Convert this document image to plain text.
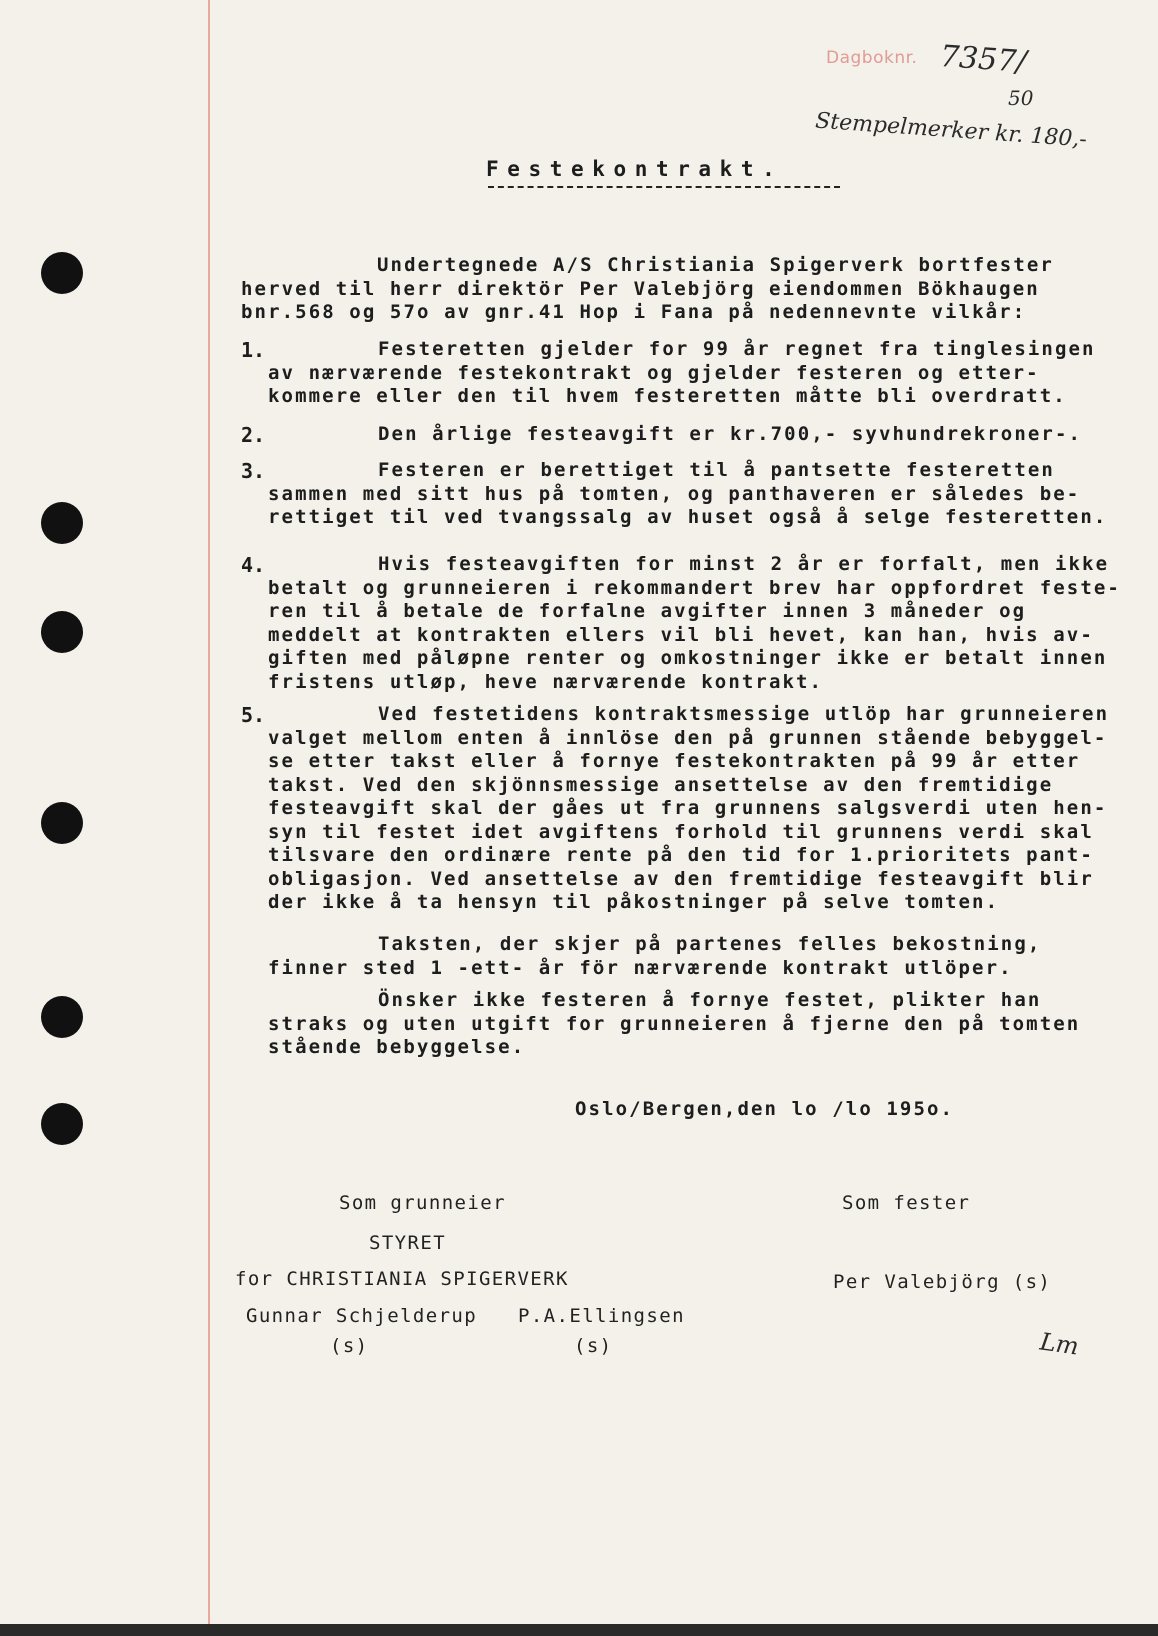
Dagboknr. 7357/
50
Stempelmerker kr. 180,-
Festekontrakt.
Undertegnede A/S Christiania Spigerverk bortfester
herved til herr direktör Per Valebjörg eiendommen Bökhaugen
bnr.568 og 57o av gnr.41 Hop i Fana på nedennevnte vilkår:
1.	Festeretten gjelder for 99 år regnet fra tinglesingen
av nærværende festekontrakt og gjelder festeren og etter-
kommere eller den til hvem festeretten måtte bli overdratt.
2.	Den årlige festeavgift er kr.700,- syvhundrekroner-.
3.	Festeren er berettiget til å pantsette festeretten
sammen med sitt hus på tomten, og panthaveren er således be-
rettiget til ved tvangssalg av huset også å selge festeretten.
4.	Hvis festeavgiften for minst 2 år er forfalt, men ikke
betalt og grunneieren i rekommandert brev har oppfordret feste-
ren til å betale de forfalne avgifter innen 3 måneder og
meddelt at kontrakten ellers vil bli hevet, kan han, hvis av-
giften med påløpne renter og omkostninger ikke er betalt innen
fristens utløp, heve nærværende kontrakt.
5.	Ved festetidens kontraktsmessige utlöp har grunneieren
valget mellom enten å innlöse den på grunnen stående bebyggel-
se etter takst eller å fornye festekontrakten på 99 år etter
takst. Ved den skjönnsmessige ansettelse av den fremtidige
festeavgift skal der gåes ut fra grunnens salgsverdi uten hen-
syn til festet idet avgiftens forhold til grunnens verdi skal
tilsvare den ordinære rente på den tid for 1.prioritets pant-
obligasjon. Ved ansettelse av den fremtidige festeavgift blir
der ikke å ta hensyn til påkostninger på selve tomten.
Taksten, der skjer på partenes felles bekostning,
finner sted 1 -ett- år för nærværende kontrakt utlöper.
Önsker ikke festeren å fornye festet, plikter han
straks og uten utgift for grunneieren å fjerne den på tomten
stående bebyggelse.
Oslo/Bergen,den lo /lo 195o.
Som grunneier	Som fester
STYRET
for CHRISTIANIA SPIGERVERK	Per Valebjörg (s)
Gunnar Schjelderup P.A.Ellingsen
(s)	(s)	Lm
